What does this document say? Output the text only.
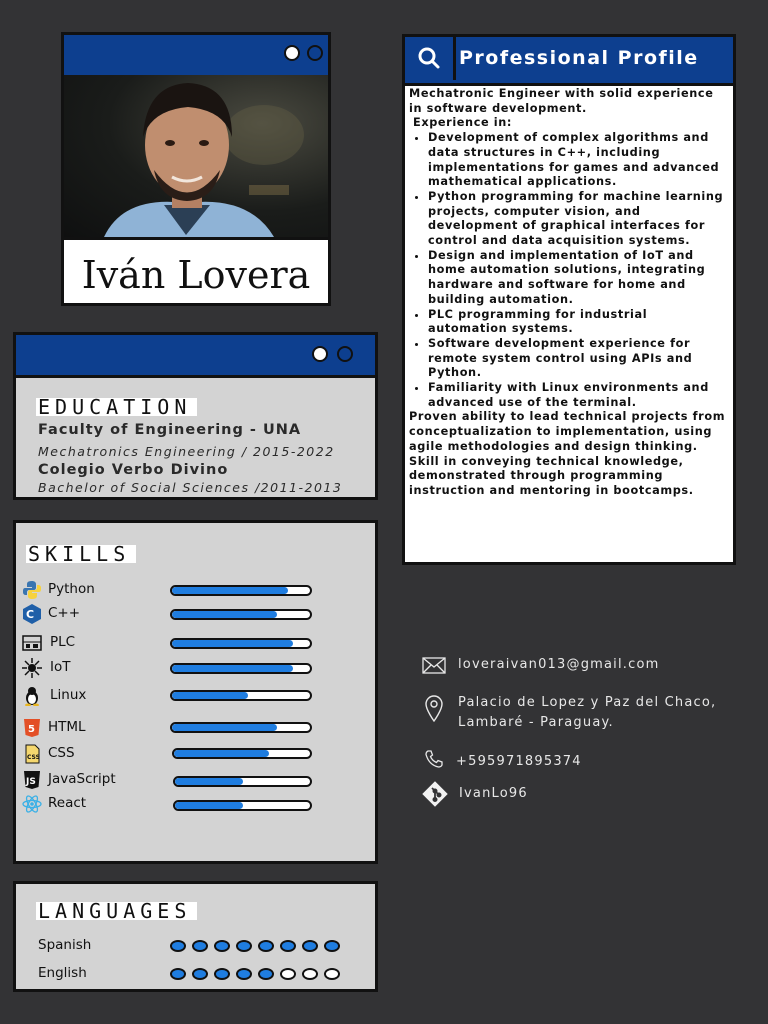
Iván Lovera
EDUCATION
Faculty of Engineering - UNA
Mechatronics Engineering / 2015-2022
Colegio Verbo Divino
Bachelor of Social Sciences /2011-2013
SKILLS
Python
C C++
PLC
IoT
Linux
5 HTML
CSS CSS
JS JavaScript
React
LANGUAGES
Spanish
English
Professional Profile

Mechatronic Engineer with solid experience in software development.

Experience in:

• Development of complex algorithms and data structures in C++, including implementations for games and advanced mathematical applications.
• Python programming for machine learning projects, computer vision, and development of graphical interfaces for control and data acquisition systems.
• Design and implementation of IoT and home automation solutions, integrating hardware and software for home and building automation.
• PLC programming for industrial automation systems.
• Software development experience for remote system control using APIs and Python.
• Familiarity with Linux environments and advanced use of the terminal.

Proven ability to lead technical projects from conceptualization to implementation, using agile methodologies and design thinking.

Skill in conveying technical knowledge, demonstrated through programming instruction and mentoring in bootcamps.

loveraivan013@gmail.com
Palacio de Lopez y Paz del Chaco,
Lambaré - Paraguay.
+595971895374
IvanLo96
